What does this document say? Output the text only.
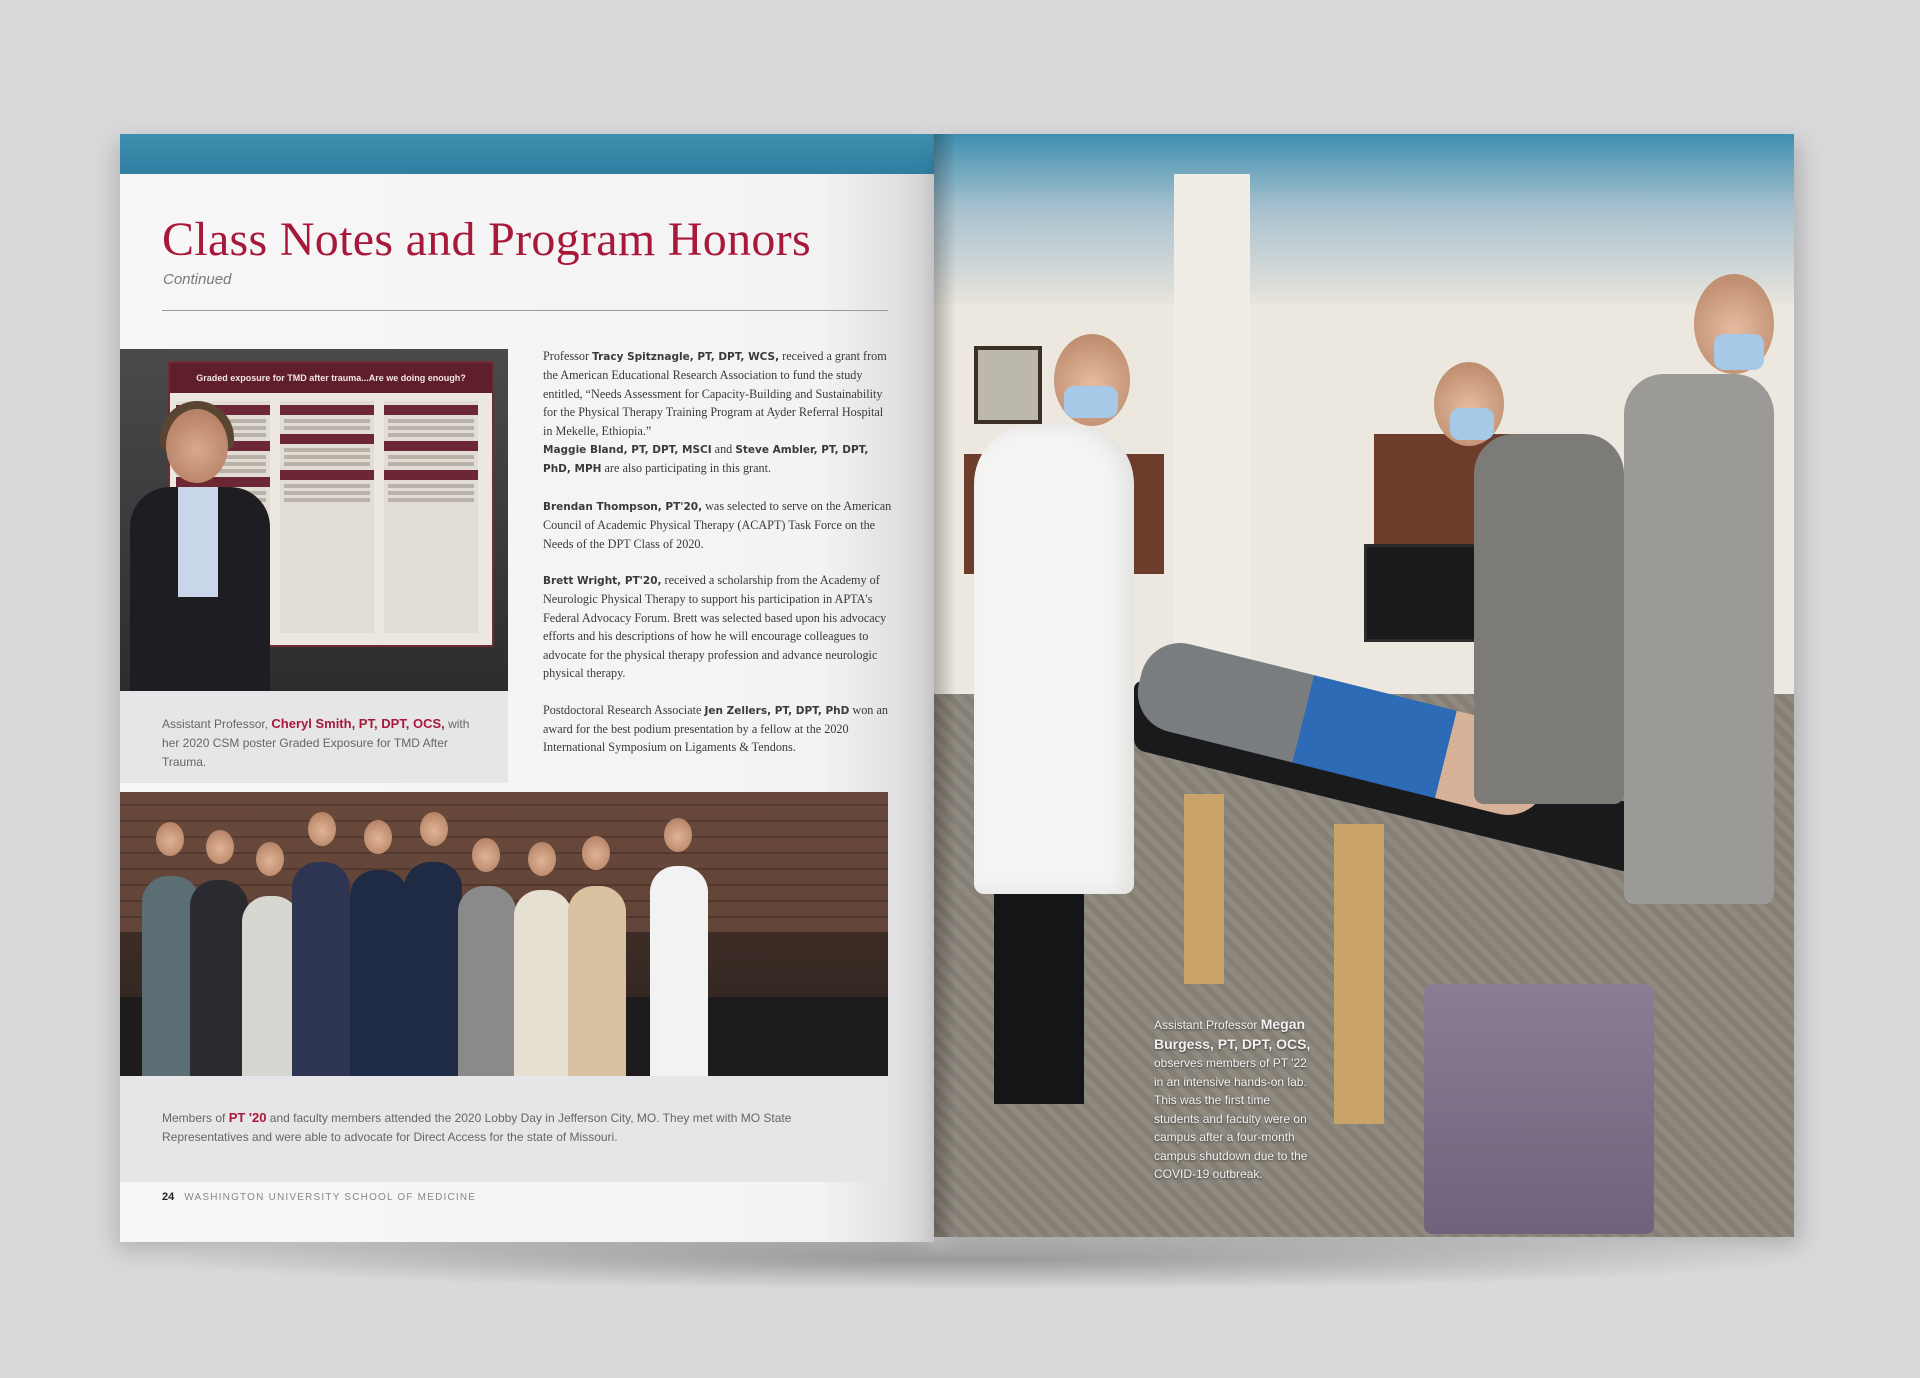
Class Notes and Program Honors
Continued
Graded exposure for TMD after trauma...Are we doing enough?
Assistant Professor, Cheryl Smith, PT, DPT, OCS, with her 2020 CSM poster Graded Exposure for TMD After Trauma.

Professor Tracy Spitznagle, PT, DPT, WCS, received a grant from the American Educational Research Association to fund the study entitled, “Needs Assessment for Capacity-Building and Sustainability for the Physical Therapy Training Program at Ayder Referral Hospital in Mekelle, Ethiopia.”
Maggie Bland, PT, DPT, MSCI and Steve Ambler, PT, DPT, PhD, MPH are also participating in this grant.

Brendan Thompson, PT'20, was selected to serve on the American Council of Academic Physical Therapy (ACAPT) Task Force on the Needs of the DPT Class of 2020.

Brett Wright, PT'20, received a scholarship from the Academy of Neurologic Physical Therapy to support his participation in APTA's Federal Advocacy Forum. Brett was selected based upon his advocacy efforts and his descriptions of how he will encourage colleagues to advocate for the physical therapy profession and advance neurologic physical therapy.

Postdoctoral Research Associate Jen Zellers, PT, DPT, PhD won an award for the best podium presentation by a fellow at the 2020 International Symposium on Ligaments & Tendons.

Members of PT '20 and faculty members attended the 2020 Lobby Day in Jefferson City, MO. They met with MO State Representatives and were able to advocate for Direct Access for the state of Missouri.
24 WASHINGTON UNIVERSITY SCHOOL OF MEDICINE
Assistant Professor Megan Burgess, PT, DPT, OCS, observes members of PT '22 in an intensive hands-on lab. This was the first time students and faculty were on campus after a four-month campus shutdown due to the COVID-19 outbreak.
